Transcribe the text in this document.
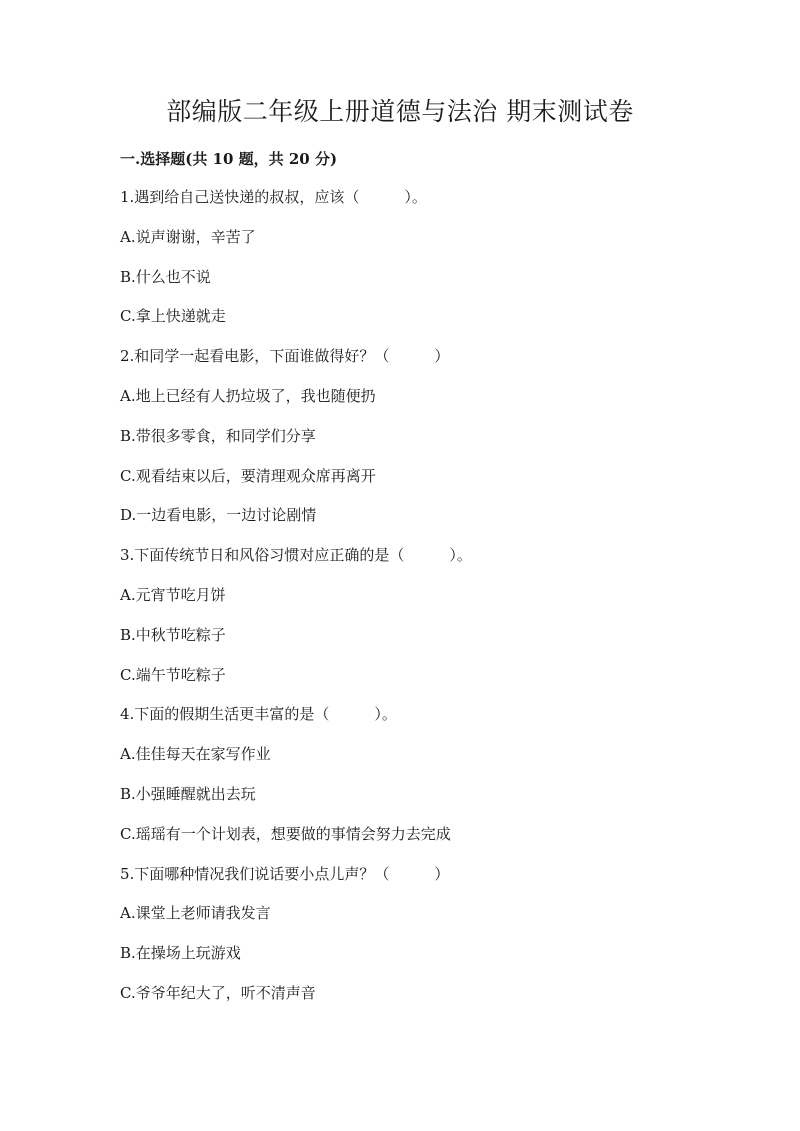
部编版二年级上册道德与法治 期末测试卷
一.选择题(共 10 题，共 20 分)
1.遇到给自己送快递的叔叔，应该（　　　）。
A.说声谢谢，辛苦了
B.什么也不说
C.拿上快递就走
2.和同学一起看电影，下面谁做得好？（　　　）
A.地上已经有人扔垃圾了，我也随便扔
B.带很多零食，和同学们分享
C.观看结束以后，要清理观众席再离开
D.一边看电影，一边讨论剧情
3.下面传统节日和风俗习惯对应正确的是（　　　）。
A.元宵节吃月饼
B.中秋节吃粽子
C.端午节吃粽子
4.下面的假期生活更丰富的是（　　　）。
A.佳佳每天在家写作业
B.小强睡醒就出去玩
C.瑶瑶有一个计划表，想要做的事情会努力去完成
5.下面哪种情况我们说话要小点儿声？（　　　）
A.课堂上老师请我发言
B.在操场上玩游戏
C.爷爷年纪大了，听不清声音
